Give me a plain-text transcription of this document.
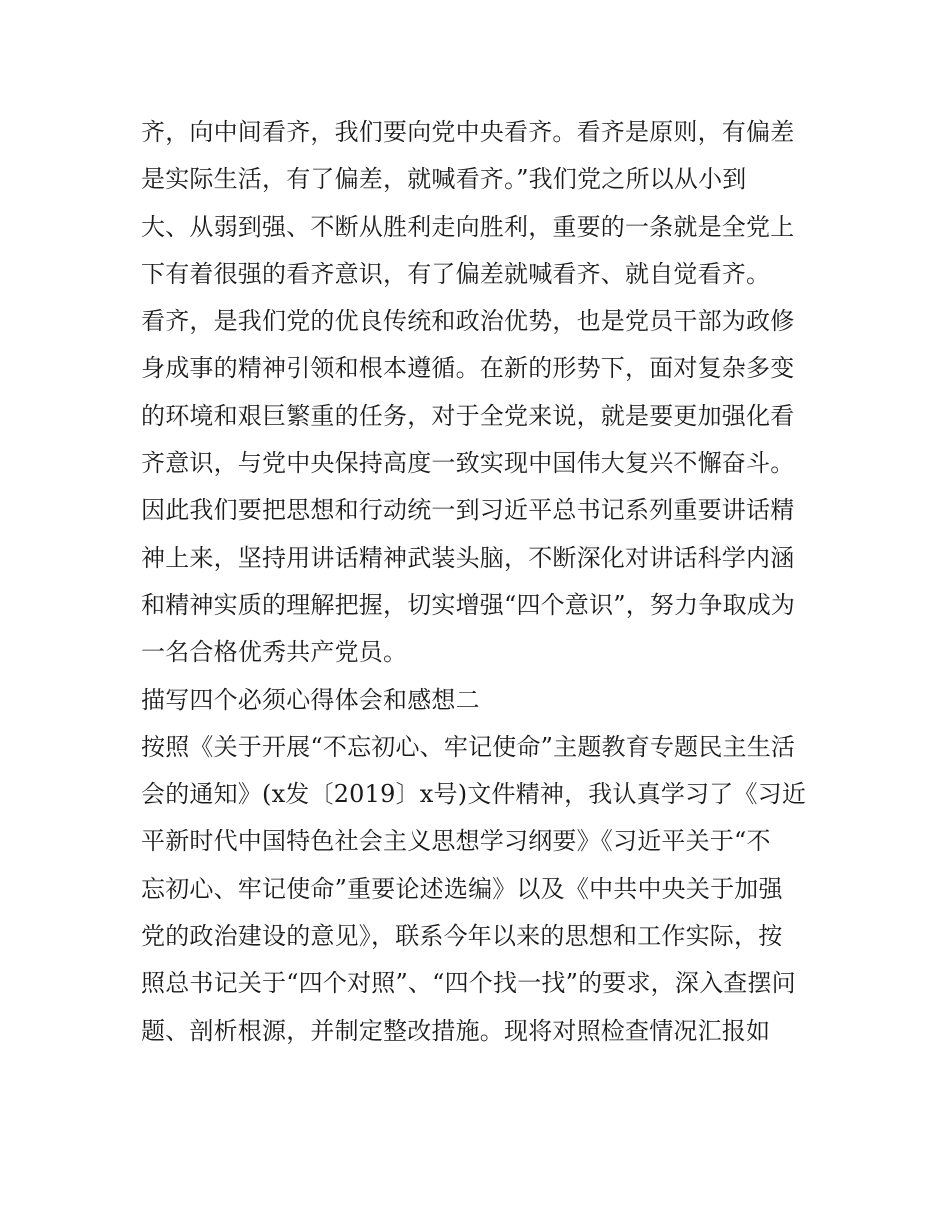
齐，向中间看齐，我们要向党中央看齐。看齐是原则，有偏差
是实际生活，有了偏差，就喊看齐。”我们党之所以从小到
大、从弱到强、不断从胜利走向胜利，重要的一条就是全党上
下有着很强的看齐意识，有了偏差就喊看齐、就自觉看齐。
看齐，是我们党的优良传统和政治优势，也是党员干部为政修
身成事的精神引领和根本遵循。在新的形势下，面对复杂多变
的环境和艰巨繁重的任务，对于全党来说，就是要更加强化看
齐意识，与党中央保持高度一致实现中国伟大复兴不懈奋斗。
因此我们要把思想和行动统一到习近平总书记系列重要讲话精
神上来，坚持用讲话精神武装头脑，不断深化对讲话科学内涵
和精神实质的理解把握，切实增强“四个意识”，努力争取成为
一名合格优秀共产党员。
描写四个必须心得体会和感想二
按照《关于开展“不忘初心、牢记使命”主题教育专题民主生活
会的通知》(x发〔2019〕x号)文件精神，我认真学习了《习近
平新时代中国特色社会主义思想学习纲要》《习近平关于“不
忘初心、牢记使命”重要论述选编》以及《中共中央关于加强
党的政治建设的意见》，联系今年以来的思想和工作实际，按
照总书记关于“四个对照”、“四个找一找”的要求，深入查摆问
题、剖析根源，并制定整改措施。现将对照检查情况汇报如
